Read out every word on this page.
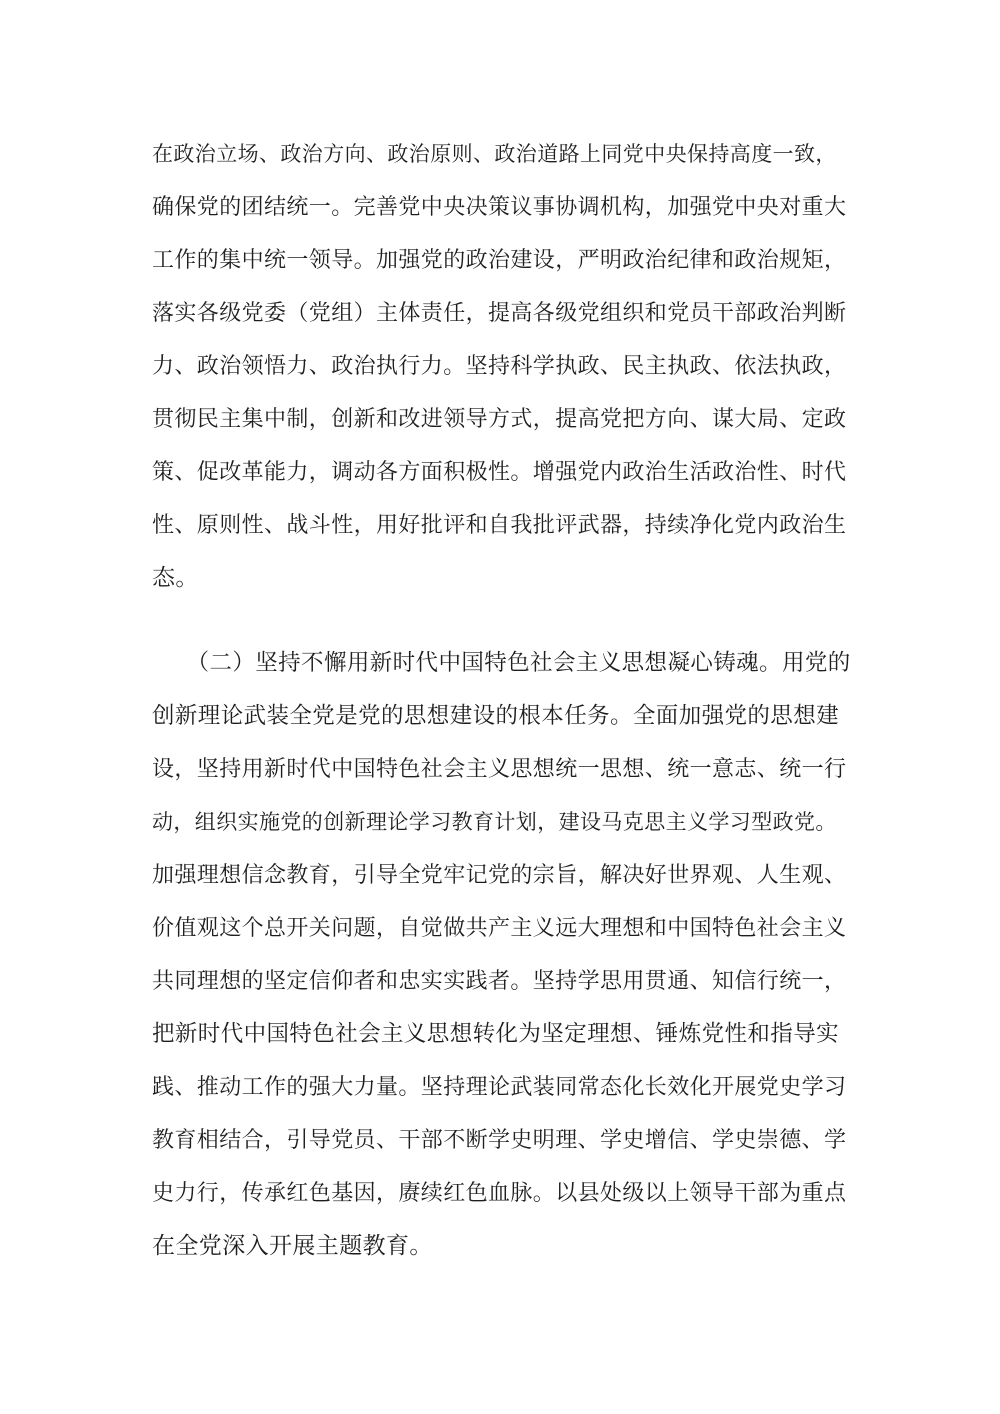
在政治立场、政治方向、政治原则、政治道路上同党中央保持高度一致，
确保党的团结统一。完善党中央决策议事协调机构，加强党中央对重大
工作的集中统一领导。加强党的政治建设，严明政治纪律和政治规矩，
落实各级党委（党组）主体责任，提高各级党组织和党员干部政治判断
力、政治领悟力、政治执行力。坚持科学执政、民主执政、依法执政，
贯彻民主集中制，创新和改进领导方式，提高党把方向、谋大局、定政
策、促改革能力，调动各方面积极性。增强党内政治生活政治性、时代
性、原则性、战斗性，用好批评和自我批评武器，持续净化党内政治生
态。
　　（二）坚持不懈用新时代中国特色社会主义思想凝心铸魂。用党的
创新理论武装全党是党的思想建设的根本任务。全面加强党的思想建
设，坚持用新时代中国特色社会主义思想统一思想、统一意志、统一行
动，组织实施党的创新理论学习教育计划，建设马克思主义学习型政党。
加强理想信念教育，引导全党牢记党的宗旨，解决好世界观、人生观、
价值观这个总开关问题，自觉做共产主义远大理想和中国特色社会主义
共同理想的坚定信仰者和忠实实践者。坚持学思用贯通、知信行统一，
把新时代中国特色社会主义思想转化为坚定理想、锤炼党性和指导实
践、推动工作的强大力量。坚持理论武装同常态化长效化开展党史学习
教育相结合，引导党员、干部不断学史明理、学史增信、学史崇德、学
史力行，传承红色基因，赓续红色血脉。以县处级以上领导干部为重点
在全党深入开展主题教育。
